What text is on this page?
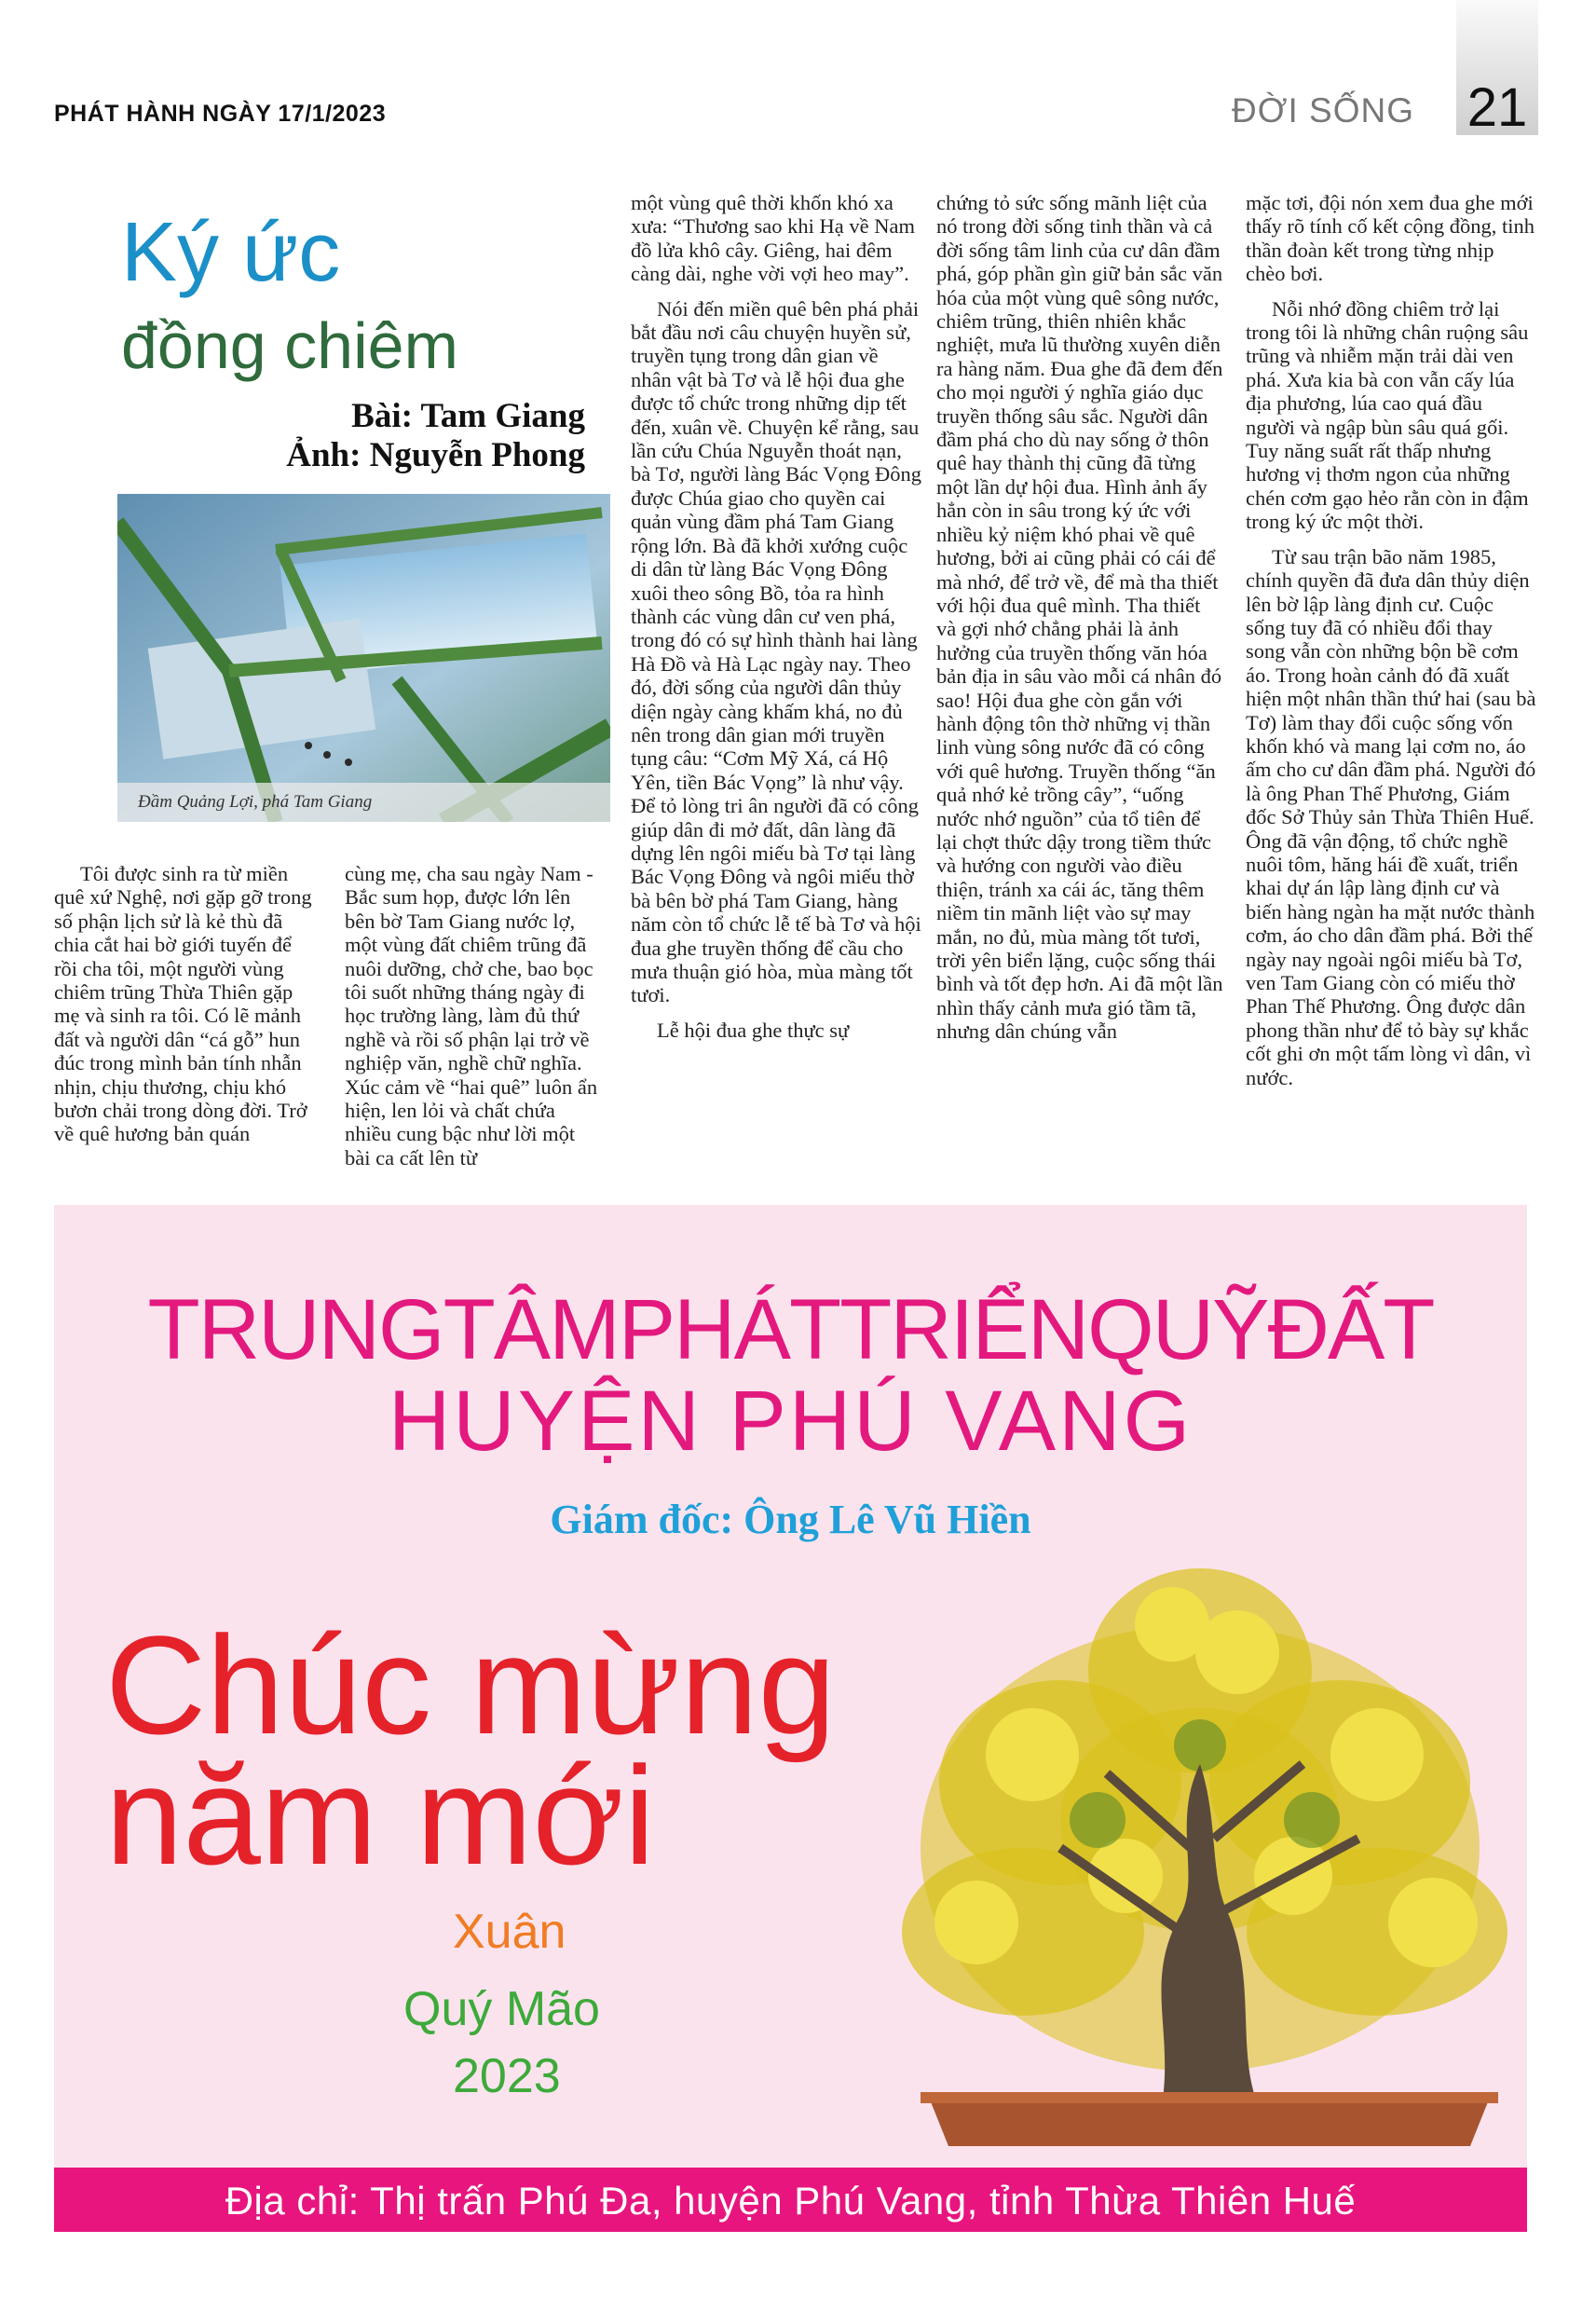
PHÁT HÀNH NGÀY 17/1/2023	ĐỜI SỐNG 21
Ký ức
đồng chiêm
Bài: Tam Giang
Ảnh: Nguyễn Phong
Đầm Quảng Lợi, phá Tam Giang

Tôi được sinh ra từ miền quê xứ Nghệ, nơi gặp gỡ trong số phận lịch sử là kẻ thù đã chia cắt hai bờ giới tuyến để rồi cha tôi, một người vùng chiêm trũng Thừa Thiên gặp mẹ và sinh ra tôi. Có lẽ mảnh đất và người dân “cá gỗ” hun đúc trong mình bản tính nhẫn nhịn, chịu thương, chịu khó bươn chải trong dòng đời. Trở về quê hương bản quán

cùng mẹ, cha sau ngày Nam - Bắc sum họp, được lớn lên bên bờ Tam Giang nước lợ, một vùng đất chiêm trũng đã nuôi dưỡng, chở che, bao bọc tôi suốt những tháng ngày đi học trường làng, làm đủ thứ nghề và rồi số phận lại trở về nghiệp văn, nghề chữ nghĩa. Xúc cảm về “hai quê” luôn ẩn hiện, len lỏi và chất chứa nhiều cung bậc như lời một bài ca cất lên từ

một vùng quê thời khốn khó xa xưa: “Thương sao khi Hạ về Nam đồ lửa khô cây. Giêng, hai đêm càng dài, nghe vời vợi heo may”.

Nói đến miền quê bên phá phải bắt đầu nơi câu chuyện huyền sử, truyền tụng trong dân gian về nhân vật bà Tơ và lễ hội đua ghe được tổ chức trong những dịp tết đến, xuân về. Chuyện kể rằng, sau lần cứu Chúa Nguyễn thoát nạn, bà Tơ, người làng Bác Vọng Đông được Chúa giao cho quyền cai quản vùng đầm phá Tam Giang rộng lớn. Bà đã khởi xướng cuộc di dân từ làng Bác Vọng Đông xuôi theo sông Bồ, tỏa ra hình thành các vùng dân cư ven phá, trong đó có sự hình thành hai làng Hà Đồ và Hà Lạc ngày nay. Theo đó, đời sống của người dân thủy diện ngày càng khấm khá, no đủ nên trong dân gian mới truyền tụng câu: “Cơm Mỹ Xá, cá Hộ Yên, tiền Bác Vọng” là như vậy. Để tỏ lòng tri ân người đã có công giúp dân đi mở đất, dân làng đã dựng lên ngôi miếu bà Tơ tại làng Bác Vọng Đông và ngôi miếu thờ bà bên bờ phá Tam Giang, hàng năm còn tổ chức lễ tế bà Tơ và hội đua ghe truyền thống để cầu cho mưa thuận gió hòa, mùa màng tốt tươi.

Lễ hội đua ghe thực sự

chứng tỏ sức sống mãnh liệt của nó trong đời sống tinh thần và cả đời sống tâm linh của cư dân đầm phá, góp phần gìn giữ bản sắc văn hóa của một vùng quê sông nước, chiêm trũng, thiên nhiên khắc nghiệt, mưa lũ thường xuyên diễn ra hàng năm. Đua ghe đã đem đến cho mọi người ý nghĩa giáo dục truyền thống sâu sắc. Người dân đầm phá cho dù nay sống ở thôn quê hay thành thị cũng đã từng một lần dự hội đua. Hình ảnh ấy hẳn còn in sâu trong ký ức với nhiều kỷ niệm khó phai về quê hương, bởi ai cũng phải có cái để mà nhớ, để trở về, để mà tha thiết với hội đua quê mình. Tha thiết và gợi nhớ chẳng phải là ảnh hưởng của truyền thống văn hóa bản địa in sâu vào mỗi cá nhân đó sao! Hội đua ghe còn gắn với hành động tôn thờ những vị thần linh vùng sông nước đã có công với quê hương. Truyền thống “ăn quả nhớ kẻ trồng cây”, “uống nước nhớ nguồn” của tổ tiên để lại chợt thức dậy trong tiềm thức và hướng con người vào điều thiện, tránh xa cái ác, tăng thêm niềm tin mãnh liệt vào sự may mắn, no đủ, mùa màng tốt tươi, trời yên biển lặng, cuộc sống thái bình và tốt đẹp hơn. Ai đã một lần nhìn thấy cảnh mưa gió tầm tã, nhưng dân chúng vẫn

mặc tơi, đội nón xem đua ghe mới thấy rõ tính cố kết cộng đồng, tinh thần đoàn kết trong từng nhịp chèo bơi.

Nỗi nhớ đồng chiêm trở lại trong tôi là những chân ruộng sâu trũng và nhiễm mặn trải dài ven phá. Xưa kia bà con vẫn cấy lúa địa phương, lúa cao quá đầu người và ngập bùn sâu quá gối. Tuy năng suất rất thấp nhưng hương vị thơm ngon của những chén cơm gạo hẻo rằn còn in đậm trong ký ức một thời.

Từ sau trận bão năm 1985, chính quyền đã đưa dân thủy diện lên bờ lập làng định cư. Cuộc sống tuy đã có nhiều đổi thay song vẫn còn những bộn bề cơm áo. Trong hoàn cảnh đó đã xuất hiện một nhân thần thứ hai (sau bà Tơ) làm thay đổi cuộc sống vốn khốn khó và mang lại cơm no, áo ấm cho cư dân đầm phá. Người đó là ông Phan Thế Phương, Giám đốc Sở Thủy sản Thừa Thiên Huế. Ông đã vận động, tổ chức nghề nuôi tôm, hăng hái đề xuất, triển khai dự án lập làng định cư và biến hàng ngàn ha mặt nước thành cơm, áo cho dân đầm phá. Bởi thế ngày nay ngoài ngôi miếu bà Tơ, ven Tam Giang còn có miếu thờ Phan Thế Phương. Ông được dân phong thần như để tỏ bày sự khắc cốt ghi ơn một tấm lòng vì dân, vì nước.

TRUNGTÂMPHÁTTRIỂNQUỸĐẤT
HUYỆN PHÚ VANG
Giám đốc: Ông Lê Vũ Hiền
Chúc mừng
năm mới
Xuân
Quý Mão
2023
Địa chỉ: Thị trấn Phú Đa, huyện Phú Vang, tỉnh Thừa Thiên Huế
